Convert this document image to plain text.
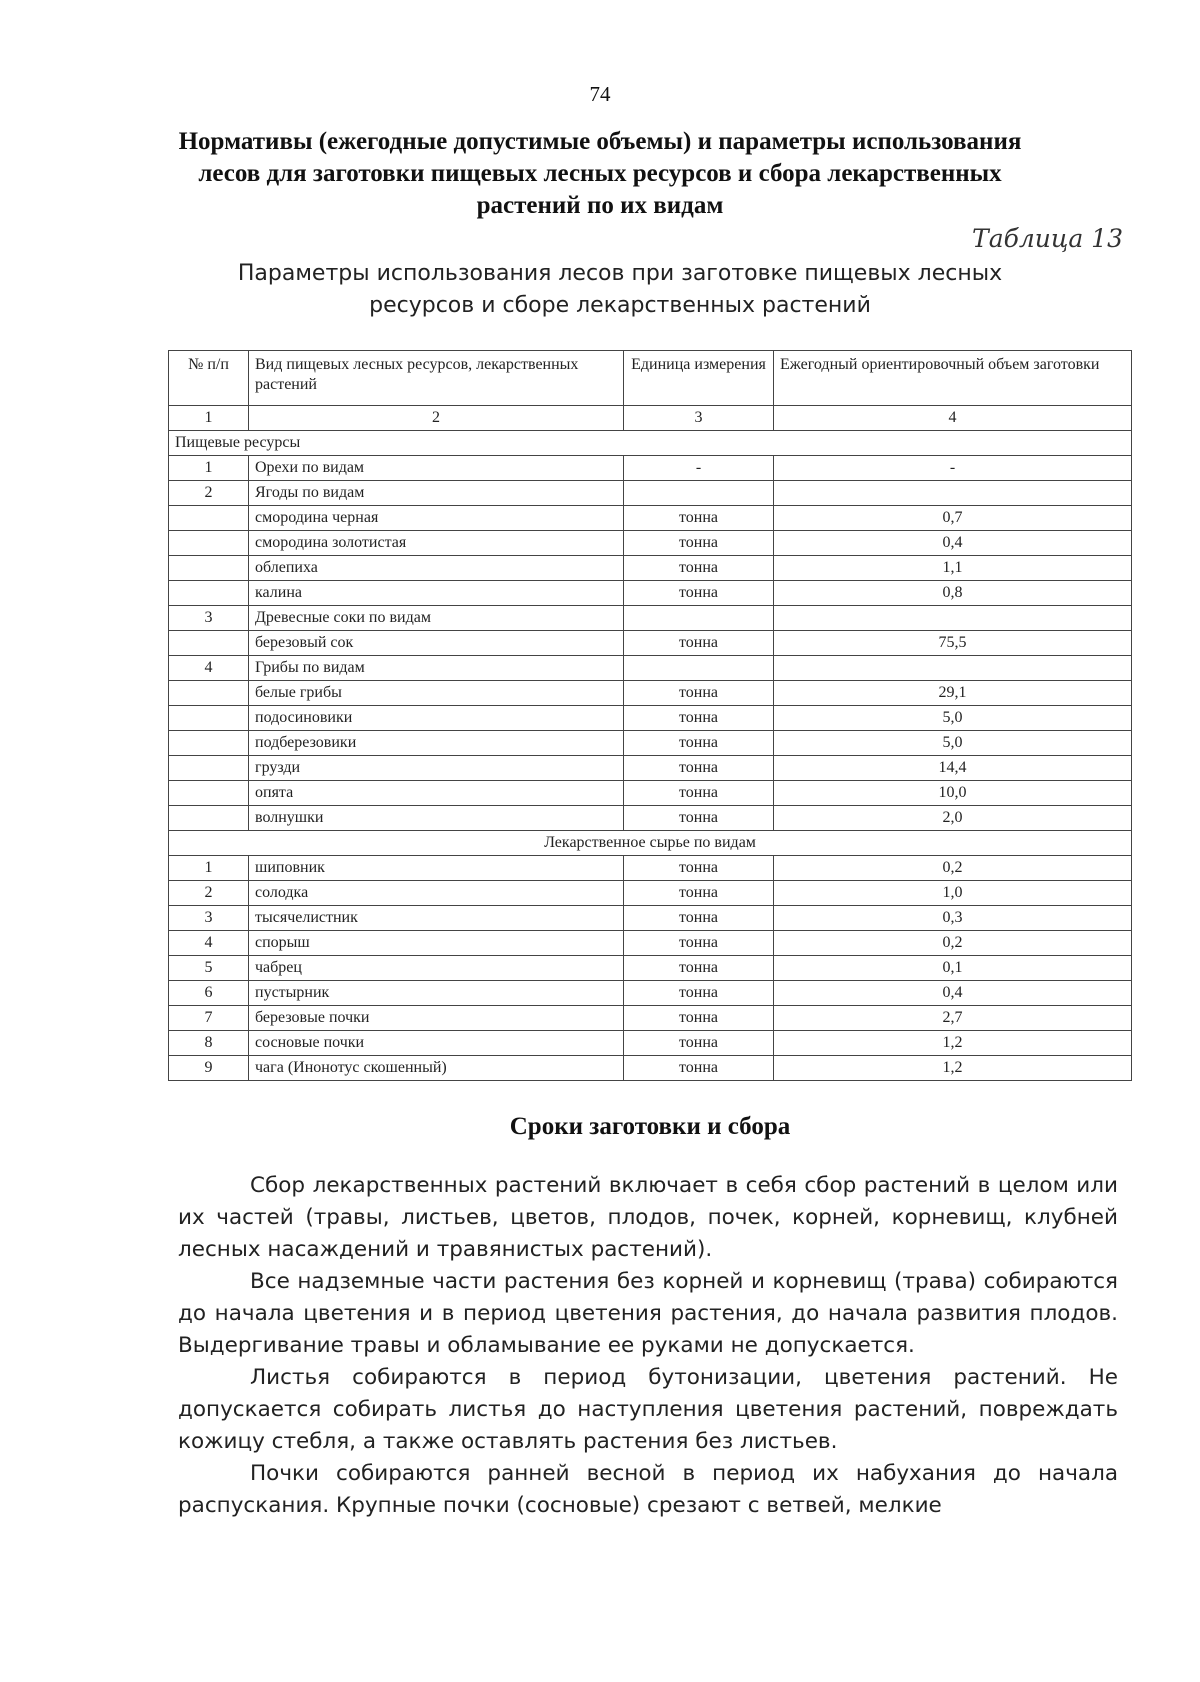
74
Нормативы (ежегодные допустимые объемы) и параметры использования лесов для заготовки пищевых лесных ресурсов и сбора лекарственных растений по их видам
Таблица 13
Параметры использования лесов при заготовке пищевых лесных ресурсов и сборе лекарственных растений
№ п/п	Вид пищевых лесных ресурсов, лекарственных растений	Единица измерения	Ежегодный ориентировочный объем заготовки
1	2	3	4
Пищевые ресурсы			
1	Орехи по видам	-	-
2	Ягоды по видам		
	смородина черная	тонна	0,7
	смородина золотистая	тонна	0,4
	облепиха	тонна	1,1
	калина	тонна	0,8
3	Древесные соки по видам		
	березовый сок	тонна	75,5
4	Грибы по видам		
	белые грибы	тонна	29,1
	подосиновики	тонна	5,0
	подберезовики	тонна	5,0
	грузди	тонна	14,4
	опята	тонна	10,0
	волнушки	тонна	2,0
Лекарственное сырье по видам			
1	шиповник	тонна	0,2
2	солодка	тонна	1,0
3	тысячелистник	тонна	0,3
4	спорыш	тонна	0,2
5	чабрец	тонна	0,1
6	пустырник	тонна	0,4
7	березовые почки	тонна	2,7
8	сосновые почки	тонна	1,2
9	чага (Инонотус скошенный)	тонна	1,2
Сроки заготовки и сбора

Сбор лекарственных растений включает в себя сбор растений в целом или их частей (травы, листьев, цветов, плодов, почек, корней, корневищ, клубней лесных насаждений и травянистых растений).

Все надземные части растения без корней и корневищ (трава) собираются до начала цветения и в период цветения растения, до начала развития плодов. Выдергивание травы и обламывание ее руками не допускается.

Листья собираются в период бутонизации, цветения растений. Не допускается собирать листья до наступления цветения растений, повреждать кожицу стебля, а также оставлять растения без листьев.

Почки собираются ранней весной в период их набухания до начала распускания. Крупные почки (сосновые) срезают с ветвей, мелкие
